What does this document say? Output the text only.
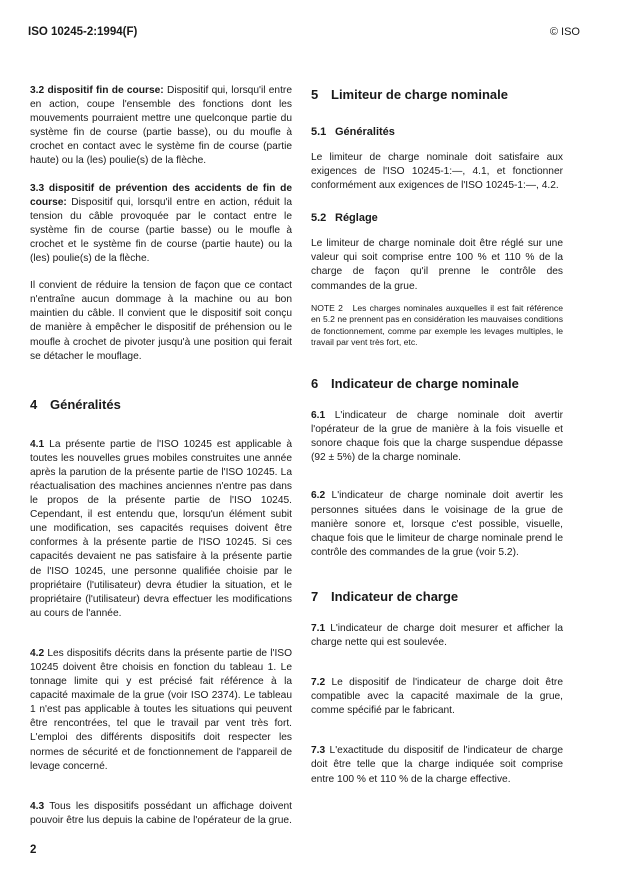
ISO 10245-2:1994(F)	© ISO

3.2 dispositif fin de course: Dispositif qui, lorsqu'il entre en action, coupe l'ensemble des fonctions dont les mouvements pourraient mettre une quelconque partie du système fin de course (partie basse), ou du moufle à crochet en contact avec le système fin de course (partie haute) ou la (les) poulie(s) de la flèche.

3.3 dispositif de prévention des accidents de fin de course: Dispositif qui, lorsqu'il entre en action, réduit la tension du câble provoquée par le contact entre le système fin de course (partie basse) ou le moufle à crochet et le système fin de course (partie haute) ou la (les) poulie(s) de la flèche.

Il convient de réduire la tension de façon que ce contact n'entraîne aucun dommage à la machine ou au bon maintien du câble. Il convient que le dispositif soit conçu de manière à empêcher le dispositif de préhension ou le moufle à crochet de pivoter jusqu'à une position qui ferait se détacher le mouflage.

4 Généralités

4.1 La présente partie de l'ISO 10245 est applicable à toutes les nouvelles grues mobiles construites une année après la parution de la présente partie de l'ISO 10245. La réactualisation des machines anciennes n'entre pas dans le propos de la présente partie de l'ISO 10245. Cependant, il est entendu que, lorsqu'un élément subit une modification, ses capacités requises doivent être conformes à la présente partie de l'ISO 10245. Si ces capacités devaient ne pas satisfaire à la présente partie de l'ISO 10245, une personne qualifiée choisie par le propriétaire (l'utilisateur) devra étudier la situation, et le propriétaire (l'utilisateur) devra effectuer les modifications au cours de l'année.

4.2 Les dispositifs décrits dans la présente partie de l'ISO 10245 doivent être choisis en fonction du tableau 1. Le tonnage limite qui y est précisé fait référence à la capacité maximale de la grue (voir ISO 2374). Le tableau 1 n'est pas applicable à toutes les situations qui peuvent être rencontrées, tel que le travail par vent très fort. L'emploi des différents dispositifs doit respecter les normes de sécurité et de fonctionnement de l'appareil de levage concerné.

4.3 Tous les dispositifs possédant un affichage doivent pouvoir être lus depuis la cabine de l'opérateur de la grue.

5 Limiteur de charge nominale
5.1 Généralités

Le limiteur de charge nominale doit satisfaire aux exigences de l'ISO 10245-1:—, 4.1, et fonctionner conformément aux exigences de l'ISO 10245-1:—, 4.2.

5.2 Réglage

Le limiteur de charge nominale doit être réglé sur une valeur qui soit comprise entre 100 % et 110 % de la charge de façon qu'il prenne le contrôle des commandes de la grue.

NOTE 2 Les charges nominales auxquelles il est fait référence en 5.2 ne prennent pas en considération les mauvaises conditions de fonctionnement, comme par exemple les levages multiples, le travail par vent très fort, etc.

6 Indicateur de charge nominale

6.1 L'indicateur de charge nominale doit avertir l'opérateur de la grue de manière à la fois visuelle et sonore chaque fois que la charge suspendue dépasse (92 ± 5%) de la charge nominale.

6.2 L'indicateur de charge nominale doit avertir les personnes situées dans le voisinage de la grue de manière sonore et, lorsque c'est possible, visuelle, chaque fois que le limiteur de charge nominale prend le contrôle des commandes de la grue (voir 5.2).

7 Indicateur de charge

7.1 L'indicateur de charge doit mesurer et afficher la charge nette qui est soulevée.

7.2 Le dispositif de l'indicateur de charge doit être compatible avec la capacité maximale de la grue, comme spécifié par le fabricant.

7.3 L'exactitude du dispositif de l'indicateur de charge doit être telle que la charge indiquée soit comprise entre 100 % et 110 % de la charge effective.

2
